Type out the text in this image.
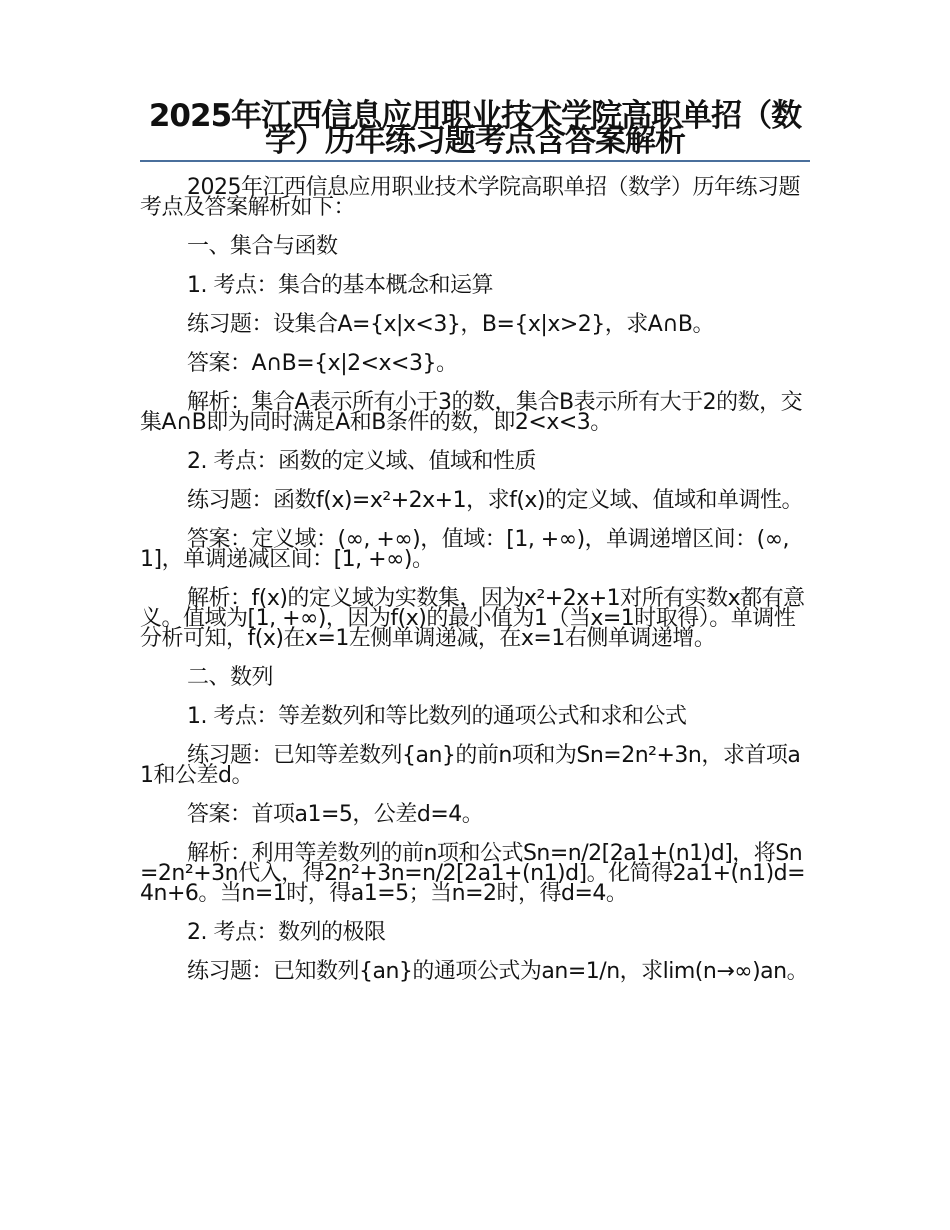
2025年江西信息应用职业技术学院高职单招（数学）历年练习题考点含答案解析

2025年江西信息应用职业技术学院高职单招（数学）历年练习题考点及答案解析如下：

一、集合与函数

1. 考点：集合的基本概念和运算

练习题：设集合A={x|x<3}，B={x|x>2}，求A∩B。

答案：A∩B={x|2<x<3}。

解析：集合A表示所有小于3的数，集合B表示所有大于2的数，交集A∩B即为同时满足A和B条件的数，即2<x<3。

2. 考点：函数的定义域、值域和性质

练习题：函数f(x)=x²+2x+1，求f(x)的定义域、值域和单调性。

答案：定义域：(∞, +∞)，值域：[1, +∞)，单调递增区间：(∞, 1]，单调递减区间：[1, +∞)。

解析：f(x)的定义域为实数集，因为x²+2x+1对所有实数x都有意义。值域为[1, +∞)，因为f(x)的最小值为1（当x=1时取得）。单调性分析可知，f(x)在x=1左侧单调递减，在x=1右侧单调递增。

二、数列

1. 考点：等差数列和等比数列的通项公式和求和公式

练习题：已知等差数列{an}的前n项和为Sn=2n²+3n，求首项a1和公差d。

答案：首项a1=5，公差d=4。

解析：利用等差数列的前n项和公式Sn=n/2[2a1+(n1)d]，将Sn=2n²+3n代入，得2n²+3n=n/2[2a1+(n1)d]。化简得2a1+(n1)d=4n+6。当n=1时，得a1=5；当n=2时，得d=4。

2. 考点：数列的极限

练习题：已知数列{an}的通项公式为an=1/n，求lim(n→∞)an。
